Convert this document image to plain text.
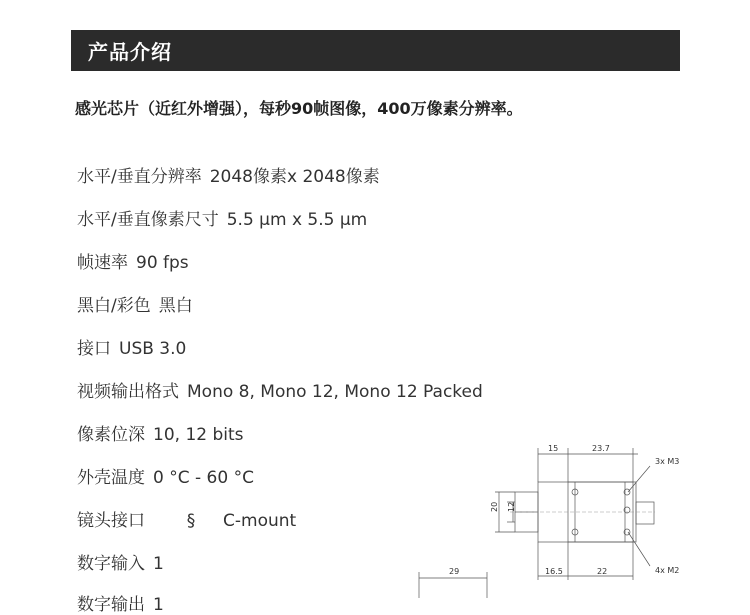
产品介绍
感光芯片（近红外增强），每秒90帧图像，400万像素分辨率。
水平/垂直分辨率 2048像素x 2048像素
水平/垂直像素尺寸 5.5 µm x 5.5 µm
帧速率 90 fps
黑白/彩色 黑白
接口 USB 3.0
视频输出格式 Mono 8, Mono 12, Mono 12 Packed
像素位深 10, 12 bits
外壳温度 0 °C - 60 °C
镜头接口 § C-mount
数字输入 1
数字输出 1
15	23.7
20 12
16.5	22
29
3x M3
4x M2
